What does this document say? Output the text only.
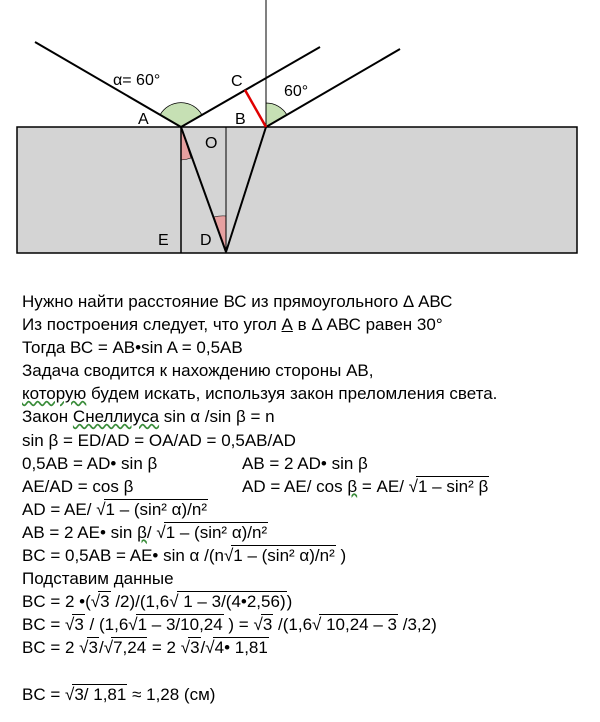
α= 60°
60°
A	B
C
O
E D
Нужно найти расстояние ВС из прямоугольного Δ АВС
Из построения следует, что угол А в Δ АВС равен 30°
Тогда ВС = АВ•sin A = 0,5AB
Задача сводится к нахождению стороны АВ,
которую будем искать, используя закон преломления света.
Закон Снеллиуса sin α /sin β = n
sin β = ED/AD = OA/AD = 0,5AB/AD
0,5AB = AD• sin β	AB = 2 AD• sin β
AE/AD = cos β	AD = AE/ cos β = AE/ √1 – sin² β
AD = AE/ √1 – (sin² α)/n²
AB = 2 AE• sin β/ √1 – (sin² α)/n²
BC = 0,5AB = AE• sin α /(n√1 – (sin² α)/n² )
Подставим данные
BC = 2 •(√3 /2)/(1,6√ 1 – 3/(4•2,56))
BC = √3 / (1,6√1 – 3/10,24 ) = √3 /(1,6√ 10,24 – 3 /3,2)
BC = 2 √3/√7,24 = 2 √3/√4• 1,81
BC = √3/ 1,81 ≈ 1,28 (см)
